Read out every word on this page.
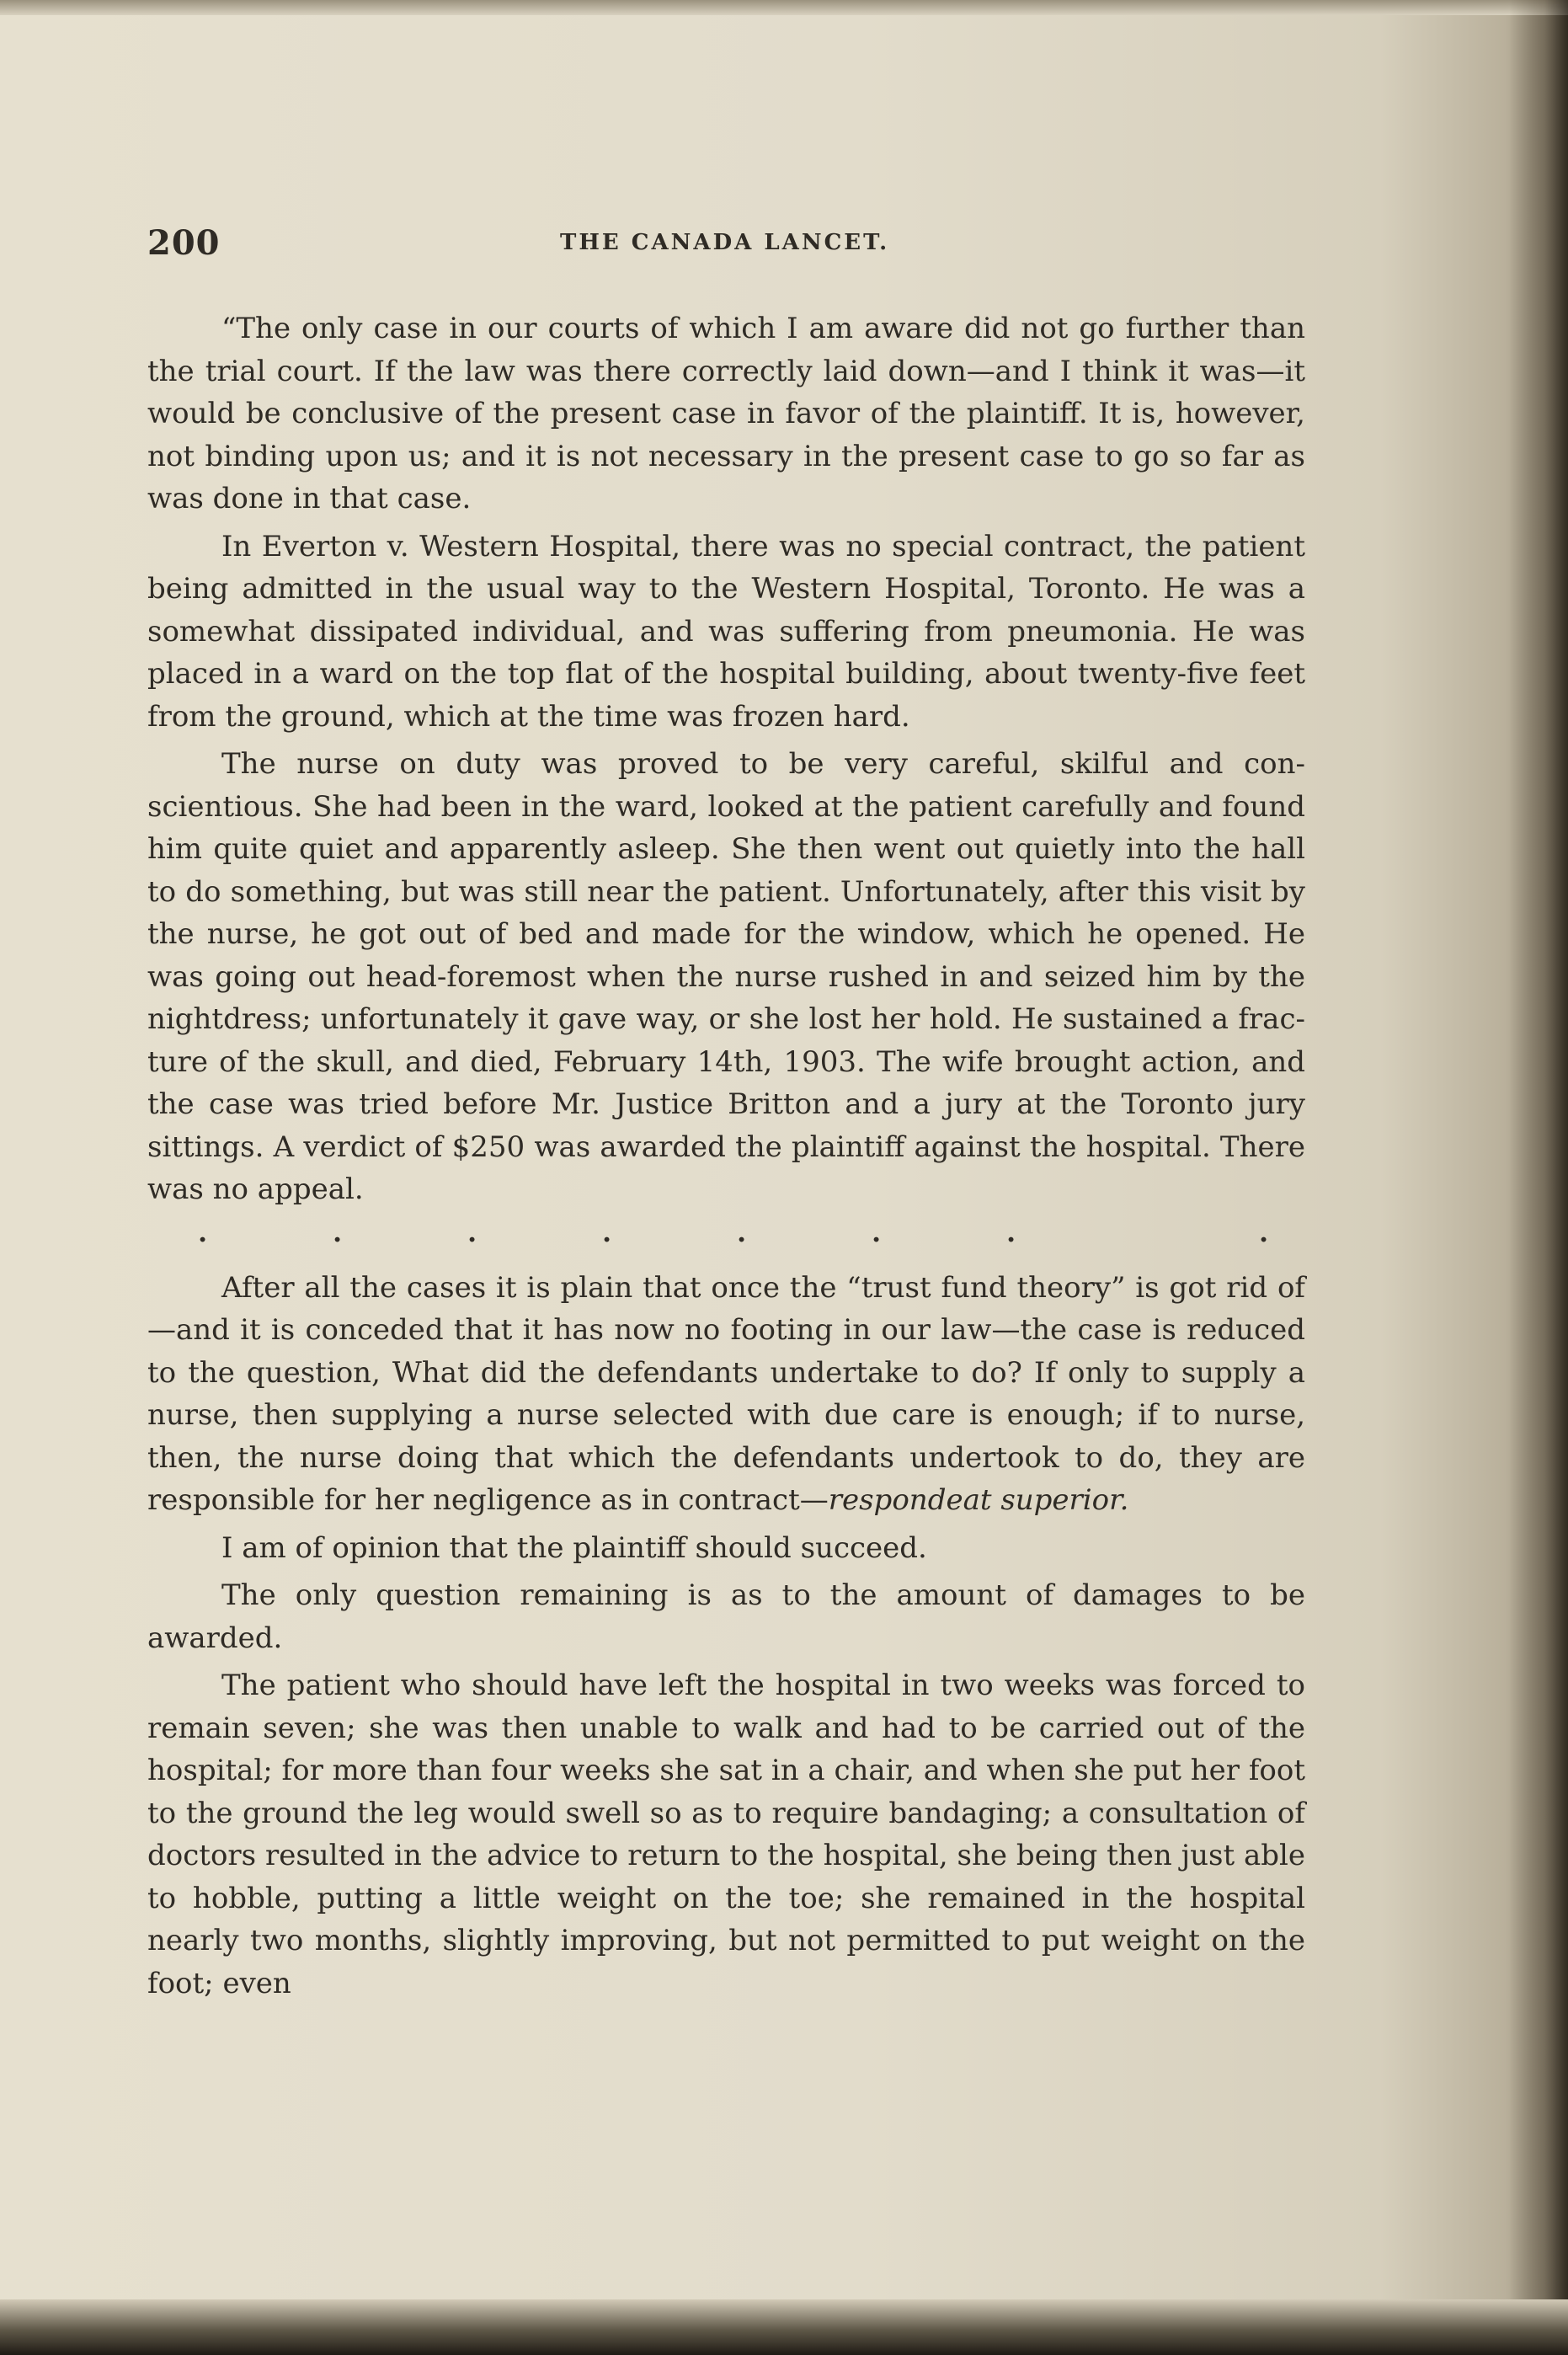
200	THE CANADA LANCET.

“The only case in our courts of which I am aware did not go further than the trial court. If the law was there correctly laid down—and I think it was—it would be conclusive of the present case in favor of the plaintiff. It is, however, not binding upon us; and it is not necessary in the present case to go so far as was done in that case.

In Everton v. Western Hospital, there was no special contract, the patient being admitted in the usual way to the Western Hospital, Toronto. He was a somewhat dissipated individual, and was suffering from pneumonia. He was placed in a ward on the top flat of the hospital building, about twenty-five feet from the ground, which at the time was frozen hard.

The nurse on duty was proved to be very careful, skilful and conscientious. She had been in the ward, looked at the patient carefully and found him quite quiet and apparently asleep. She then went out quietly into the hall to do something, but was still near the patient. Unfortunately, after this visit by the nurse, he got out of bed and made for the window, which he opened. He was going out head-foremost when the nurse rushed in and seized him by the nightdress; unfortunately it gave way, or she lost her hold. He sustained a fracture of the skull, and died, February 14th, 1903. The wife brought action, and the case was tried before Mr. Justice Britton and a jury at the Toronto jury sittings. A verdict of $250 was awarded the plaintiff against the hospital. There was no appeal.

.	.	.	.	.	.	.	.

After all the cases it is plain that once the “trust fund theory” is got rid of—and it is conceded that it has now no footing in our law—the case is reduced to the question, What did the defendants undertake to do? If only to supply a nurse, then supplying a nurse selected with due care is enough; if to nurse, then, the nurse doing that which the defendants undertook to do, they are responsible for her negligence as in contract—respondeat superior.

I am of opinion that the plaintiff should succeed.

The only question remaining is as to the amount of damages to be awarded.

The patient who should have left the hospital in two weeks was forced to remain seven; she was then unable to walk and had to be carried out of the hospital; for more than four weeks she sat in a chair, and when she put her foot to the ground the leg would swell so as to require bandaging; a consultation of doctors resulted in the advice to return to the hospital, she being then just able to hobble, putting a little weight on the toe; she remained in the hospital nearly two months, slightly improving, but not permitted to put weight on the foot; even
